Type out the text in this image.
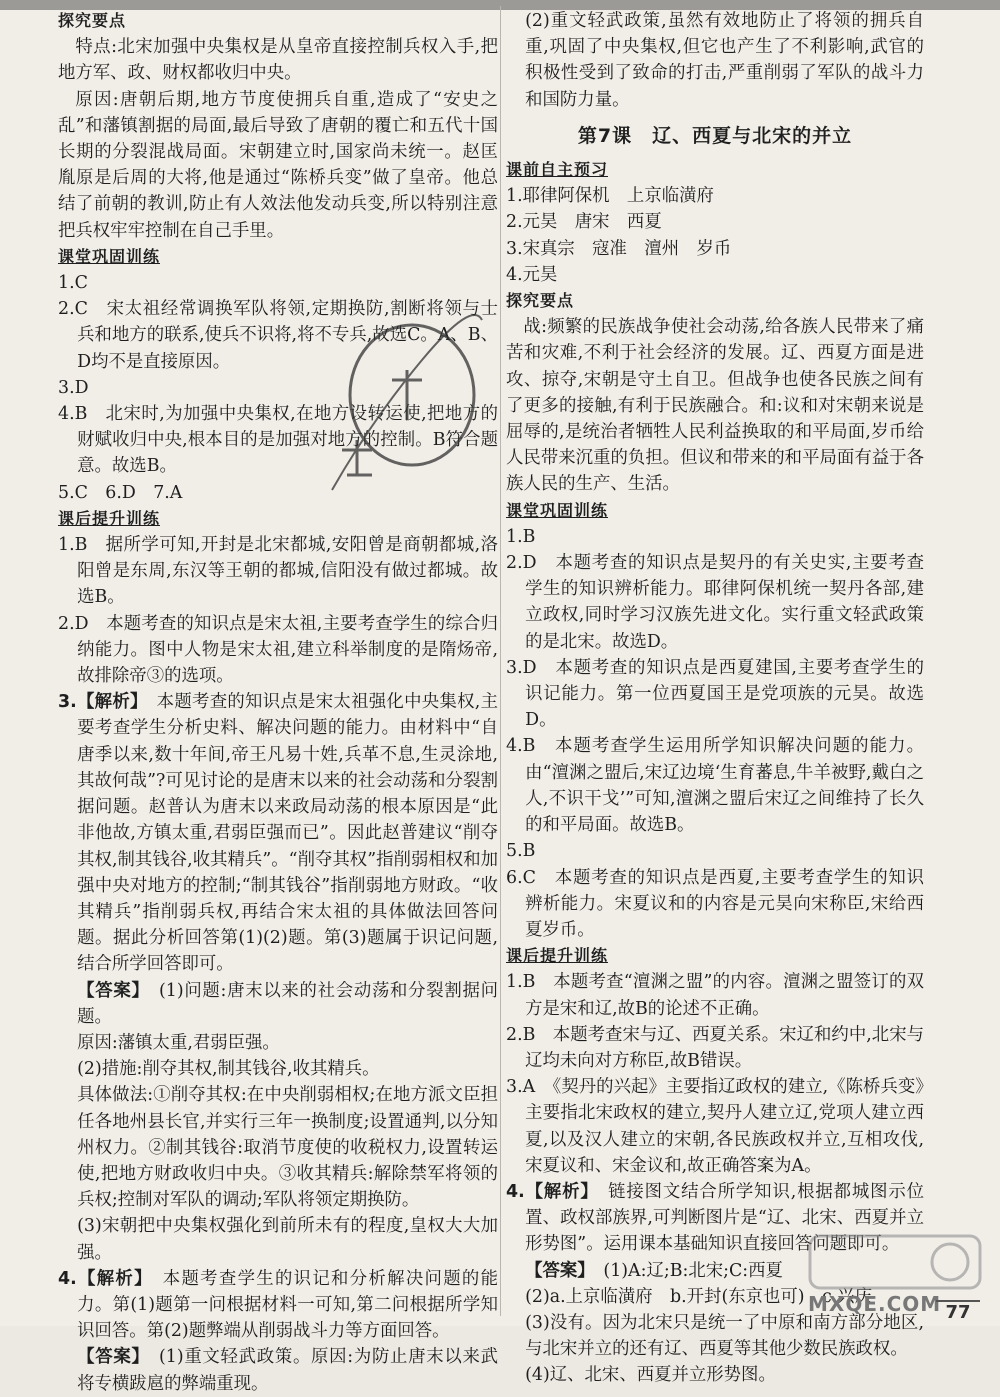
探究要点

特点:北宋加强中央集权是从皇帝直接控制兵权入手,把地方军、政、财权都收归中央。

原因:唐朝后期,地方节度使拥兵自重,造成了“安史之乱”和藩镇割据的局面,最后导致了唐朝的覆亡和五代十国长期的分裂混战局面。宋朝建立时,国家尚未统一。赵匡胤原是后周的大将,他是通过“陈桥兵变”做了皇帝。他总结了前朝的教训,防止有人效法他发动兵变,所以特别注意把兵权牢牢控制在自己手里。

课堂巩固训练

1.C

2.C　宋太祖经常调换军队将领,定期换防,割断将领与士兵和地方的联系,使兵不识将,将不专兵,故选C。A、B、D均不是直接原因。

3.D

4.B　北宋时,为加强中央集权,在地方设转运使,把地方的财赋收归中央,根本目的是加强对地方的控制。B符合题意。故选B。

5.C　6.D　7.A

课后提升训练

1.B　据所学可知,开封是北宋都城,安阳曾是商朝都城,洛阳曾是东周,东汉等王朝的都城,信阳没有做过都城。故选B。

2.D　本题考查的知识点是宋太祖,主要考查学生的综合归纳能力。图中人物是宋太祖,建立科举制度的是隋炀帝,故排除帝③的选项。

3.【解析】　 本题考查的知识点是宋太祖强化中央集权,主要考查学生分析史料、解决问题的能力。由材料中“自唐季以来,数十年间,帝王凡易十姓,兵革不息,生灵涂地,其故何哉”?可见讨论的是唐末以来的社会动荡和分裂割据问题。赵普认为唐末以来政局动荡的根本原因是“此非他故,方镇太重,君弱臣强而已”。因此赵普建议“削夺其权,制其钱谷,收其精兵”。“削夺其权”指削弱相权和加强中央对地方的控制;“制其钱谷”指削弱地方财政。“收其精兵”指削弱兵权,再结合宋太祖的具体做法回答问题。据此分析回答第(1)(2)题。第(3)题属于识记问题,结合所学回答即可。

【答案】　 (1)问题:唐末以来的社会动荡和分裂割据问题。

原因:藩镇太重,君弱臣强。

(2)措施:削夺其权,制其钱谷,收其精兵。

具体做法:①削夺其权:在中央削弱相权;在地方派文臣担任各地州县长官,并实行三年一换制度;设置通判,以分知州权力。②制其钱谷:取消节度使的收税权力,设置转运使,把地方财政收归中央。③收其精兵:解除禁军将领的兵权;控制对军队的调动;军队将领定期换防。

(3)宋朝把中央集权强化到前所未有的程度,皇权大大加强。

4.【解析】　 本题考查学生的识记和分析解决问题的能力。第(1)题第一问根据材料一可知,第二问根据所学知识回答。第(2)题弊端从削弱战斗力等方面回答。

【答案】　 (1)重文轻武政策。原因:为防止唐末以来武将专横跋扈的弊端重现。

(2)重文轻武政策,虽然有效地防止了将领的拥兵自重,巩固了中央集权,但它也产生了不利影响,武官的积极性受到了致命的打击,严重削弱了军队的战斗力和国防力量。

第7课　辽、西夏与北宋的并立

课前自主预习

1.耶律阿保机　上京临潢府

2.元昊　唐宋　西夏

3.宋真宗　寇准　澶州　岁币

4.元昊

探究要点

战:频繁的民族战争使社会动荡,给各族人民带来了痛苦和灾难,不利于社会经济的发展。辽、西夏方面是进攻、掠夺,宋朝是守土自卫。但战争也使各民族之间有了更多的接触,有利于民族融合。和:议和对宋朝来说是屈辱的,是统治者牺牲人民利益换取的和平局面,岁币给人民带来沉重的负担。但议和带来的和平局面有益于各族人民的生产、生活。

课堂巩固训练

1.B

2.D　本题考查的知识点是契丹的有关史实,主要考查学生的知识辨析能力。耶律阿保机统一契丹各部,建立政权,同时学习汉族先进文化。实行重文轻武政策的是北宋。故选D。

3.D　本题考查的知识点是西夏建国,主要考查学生的识记能力。第一位西夏国王是党项族的元昊。故选D。

4.B　本题考查学生运用所学知识解决问题的能力。由“澶渊之盟后,宋辽边境‘生育蕃息,牛羊被野,戴白之人,不识干戈’”可知,澶渊之盟后宋辽之间维持了长久的和平局面。故选B。

5.B

6.C　本题考查的知识点是西夏,主要考查学生的知识辨析能力。宋夏议和的内容是元昊向宋称臣,宋给西夏岁币。

课后提升训练

1.B　本题考查“澶渊之盟”的内容。澶渊之盟签订的双方是宋和辽,故B的论述不正确。

2.B　本题考查宋与辽、西夏关系。宋辽和约中,北宋与辽均未向对方称臣,故B错误。

3.A　《契丹的兴起》主要指辽政权的建立,《陈桥兵变》主要指北宋政权的建立,契丹人建立辽,党项人建立西夏,以及汉人建立的宋朝,各民族政权并立,互相攻伐,宋夏议和、宋金议和,故正确答案为A。

4.【解析】　 链接图文结合所学知识,根据都城图示位置、政权部族界,可判断图片是“辽、北宋、西夏并立形势图”。运用课本基础知识直接回答问题即可。

【答案】　 (1)A:辽;B:北宋;C:西夏

(2)a.上京临潢府　b.开封(东京也可)　c.兴庆

(3)没有。因为北宋只是统一了中原和南方部分地区,与北宋并立的还有辽、西夏等其他少数民族政权。

(4)辽、北宋、西夏并立形势图。

MXQE.COM 77
